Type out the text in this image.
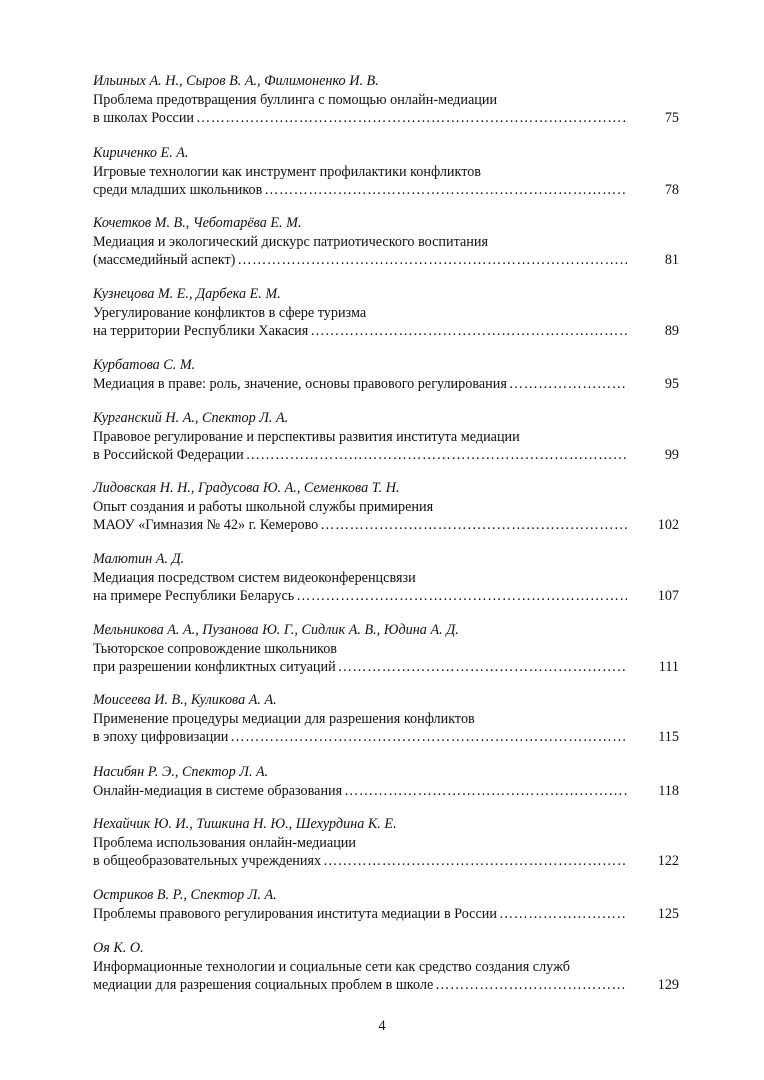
Ильиных А. Н., Сыров В. А., Филимоненко И. В.
Проблема предотвращения буллинга с помощью онлайн-медиации
в школах России ………………………………………………………………………………………………………………………………………………………………	75
Кириченко Е. А.
Игровые технологии как инструмент профилактики конфликтов
среди младших школьников ………………………………………………………………………………………………………………………………………………………………	78
Кочетков М. В., Чеботарёва Е. М.
Медиация и экологический дискурс патриотического воспитания
(массмедийный аспект) ………………………………………………………………………………………………………………………………………………………………	81
Кузнецова М. Е., Дарбека Е. М.
Урегулирование конфликтов в сфере туризма
на территории Республики Хакасия ………………………………………………………………………………………………………………………………………………………………	89
Курбатова С. М.
Медиация в праве: роль, значение, основы правового регулирования ………………………………………………………………………………………………………………………………………………………………	95
Курганский Н. А., Спектор Л. А.
Правовое регулирование и перспективы развития института медиации
в Российской Федерации ………………………………………………………………………………………………………………………………………………………………	99
Лидовская Н. Н., Градусова Ю. А., Семенкова Т. Н.
Опыт создания и работы школьной службы примирения
МАОУ «Гимназия № 42» г. Кемерово ………………………………………………………………………………………………………………………………………………………………	102
Малютин А. Д.
Медиация посредством систем видеоконференцсвязи
на примере Республики Беларусь ………………………………………………………………………………………………………………………………………………………………	107
Мельникова А. А., Пузанова Ю. Г., Сидлик А. В., Юдина А. Д.
Тьюторское сопровождение школьников
при разрешении конфликтных ситуаций ………………………………………………………………………………………………………………………………………………………………	111
Моисеева И. В., Куликова А. А.
Применение процедуры медиации для разрешения конфликтов
в эпоху цифровизации ………………………………………………………………………………………………………………………………………………………………	115
Насибян Р. Э., Спектор Л. А.
Онлайн-медиация в системе образования ………………………………………………………………………………………………………………………………………………………………	118
Нехайчик Ю. И., Тишкина Н. Ю., Шехурдина К. Е.
Проблема использования онлайн-медиации
в общеобразовательных учреждениях ………………………………………………………………………………………………………………………………………………………………	122
Остриков В. Р., Спектор Л. А.
Проблемы правового регулирования института медиации в России ………………………………………………………………………………………………………………………………………………………………	125
Оя К. О.
Информационные технологии и социальные сети как средство создания служб
медиации для разрешения социальных проблем в школе ………………………………………………………………………………………………………………………………………………………………	129
4
